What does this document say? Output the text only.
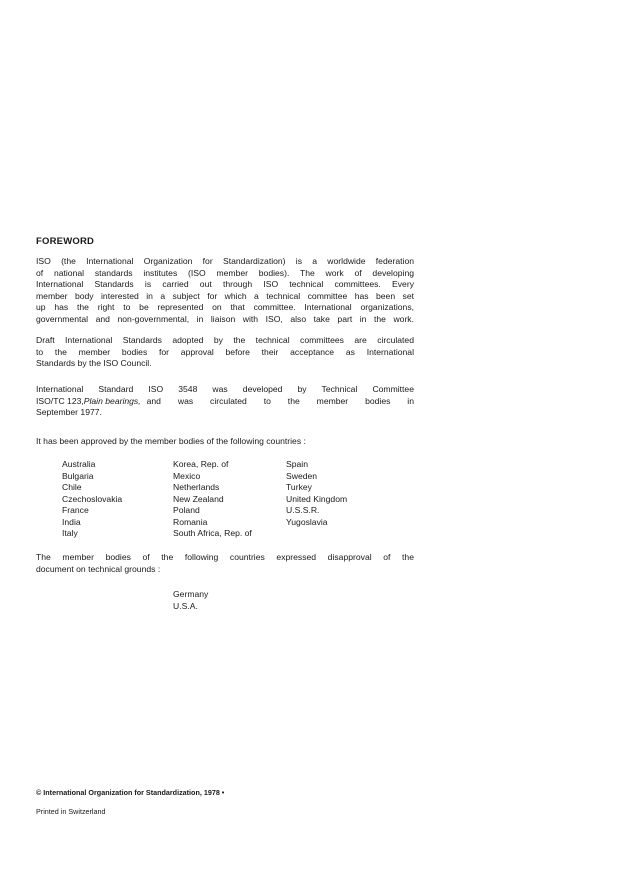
FOREWORD
ISO (the International Organization for Standardization) is a worldwide federation
of national standards institutes (ISO member bodies). The work of developing
International Standards is carried out through ISO technical committees. Every
member body interested in a subject for which a technical committee has been set
up has the right to be represented on that committee. International organizations,
governmental and non-governmental, in liaison with ISO, also take part in the work.
Draft International Standards adopted by the technical committees are circulated
to the member bodies for approval before their acceptance as International
Standards by the ISO Council.
International Standard ISO 3548 was developed by Technical Committee
ISO/TC 123, Plain bearings, and was circulated to the member bodies in
September 1977.
It has been approved by the member bodies of the following countries :
Australia
Bulgaria
Chile
Czechoslovakia
France
India
Italy
Korea, Rep. of
Mexico
Netherlands
New Zealand
Poland
Romania
South Africa, Rep. of
Spain
Sweden
Turkey
United Kingdom
U.S.S.R.
Yugoslavia
The member bodies of the following countries expressed disapproval of the
document on technical grounds :
Germany
U.S.A.
© International Organization for Standardization, 1978 •
Printed in Switzerland
